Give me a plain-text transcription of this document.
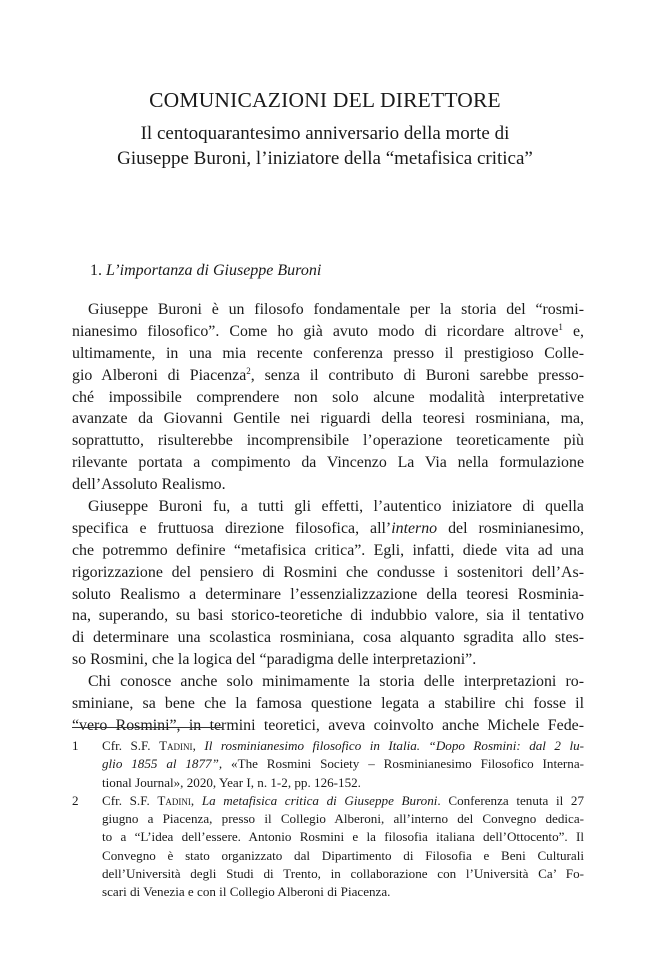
COMUNICAZIONI DEL DIRETTORE
Il centoquarantesimo anniversario della morte di
Giuseppe Buroni, l’iniziatore della “metafisica critica”
1. L’importanza di Giuseppe Buroni
Giuseppe Buroni è un filosofo fondamentale per la storia del “rosmi-
nianesimo filosofico”. Come ho già avuto modo di ricordare altrove$^1$ e,
ultimamente, in una mia recente conferenza presso il prestigioso Colle-
gio Alberoni di Piacenza$^2$, senza il contributo di Buroni sarebbe presso-
ché impossibile comprendere non solo alcune modalità interpretative
avanzate da Giovanni Gentile nei riguardi della teoresi rosminiana, ma,
soprattutto, risulterebbe incomprensibile l’operazione teoreticamente più
rilevante portata a compimento da Vincenzo La Via nella formulazione
dell’Assoluto Realismo.
Giuseppe Buroni fu, a tutti gli effetti, l’autentico iniziatore di quella
specifica e fruttuosa direzione filosofica, all’interno del rosminianesimo,
che potremmo definire “metafisica critica”. Egli, infatti, diede vita ad una
rigorizzazione del pensiero di Rosmini che condusse i sostenitori dell’As-
soluto Realismo a determinare l’essenzializzazione della teoresi Rosminia-
na, superando, su basi storico-teoretiche di indubbio valore, sia il tentativo
di determinare una scolastica rosminiana, cosa alquanto sgradita allo stes-
so Rosmini, che la logica del “paradigma delle interpretazioni”.
Chi conosce anche solo minimamente la storia delle interpretazioni ro-
sminiane, sa bene che la famosa questione legata a stabilire chi fosse il
“vero Rosmini”, in termini teoretici, aveva coinvolto anche Michele Fede-
1 Cfr. S.F. Tadini, Il rosminianesimo filosofico in Italia. “Dopo Rosmini: dal 2 lu-
glio 1855 al 1877”, «The Rosmini Society – Rosminianesimo Filosofico Interna-
tional Journal», 2020, Year I, n. 1-2, pp. 126-152.
2 Cfr. S.F. Tadini, La metafisica critica di Giuseppe Buroni. Conferenza tenuta il 27
giugno a Piacenza, presso il Collegio Alberoni, all’interno del Convegno dedica-
to a “L’idea dell’essere. Antonio Rosmini e la filosofia italiana dell’Ottocento”. Il
Convegno è stato organizzato dal Dipartimento di Filosofia e Beni Culturali
dell’Università degli Studi di Trento, in collaborazione con l’Università Ca’ Fo-
scari di Venezia e con il Collegio Alberoni di Piacenza.
